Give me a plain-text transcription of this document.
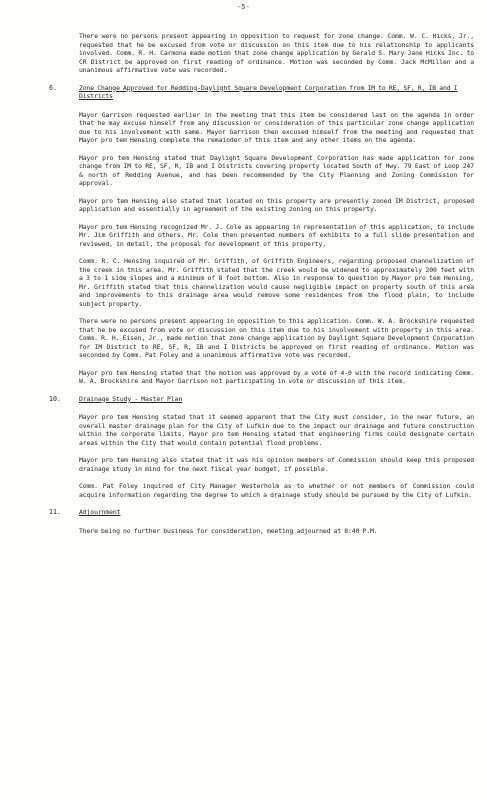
-5-

There were no persons present appearing in opposition to request for zone change. Comm. W. C. Hicks, Jr., requested that he be excused from vote or discussion on this item due to his relationship to applicants involved. Comm. R. H. Carmona made motion that zone change application by Gerald S. Mary Jane Hicks Inc. to CR District be approved on first reading of ordinance. Motion was seconded by Comm. Jack McMillen and a unanimous affirmative vote was recorded.

6.	Zone Change Approved for Redding-Daylight Square Development Corporation from IM to RE, SF, R, IB and I Districts

Mayor Garrison requested earlier in the meeting that this item be considered last on the agenda in order that he may excuse himself from any discussion or consideration of this particular zone change application due to his involvement with same. Mayor Garrison then excused himself from the meeting and requested that Mayor pro tem Hensing complete the remainder of this item and any other items on the agenda.

Mayor pro tem Hensing stated that Daylight Square Development Corporation has made application for zone change from IM to RE, SF, R, IB and I Districts covering property located South of Hwy. 79 East of Loop 247 & north of Redding Avenue, and has been recommended by the City Planning and Zoning Commission for approval.

Mayor pro tem Hensing also stated that located on this property are presently zoned IM District, proposed application and essentially in agreement of the existing zoning on this property.

Mayor pro tem Hensing recognized Mr. J. Cole as appearing in representation of this application, to include Mr. Jim Griffith and others. Mr. Cole then presented numbers of exhibits to a full slide presentation and reviewed, in detail, the proposal for development of this property.

Comm. R. C. Hensing inquired of Mr. Griffith, of Griffith Engineers, regarding proposed channelization of the creek in this area. Mr. Griffith stated that the creek would be widened to approximately 200 feet with a 3 to 1 side slopes and a minimum of 8 foot bottom. Also in response to question by Mayor pro tem Hensing, Mr. Griffith stated that this channelization would cause negligible impact on property south of this area and improvements to this drainage area would remove some residences from the flood plain, to include subject property.

There were no persons present appearing in opposition to this application. Comm. W. A. Brockshire requested that he be excused from vote or discussion on this item due to his involvement with property in this area. Comm. R. H. Eisen, Jr., made motion that zone change application by Daylight Square Development Corporation for IM District to RE, SF, R, IB and I Districts be approved on first reading of ordinance. Motion was seconded by Comm. Pat Foley and a unanimous affirmative vote was recorded.

Mayor pro tem Hensing stated that the motion was approved by a vote of 4-0 with the record indicating Comm. W. A. Brockshire and Mayor Garrison not participating in vote or discussion of this item.

10.	Drainage Study - Master Plan

Mayor pro tem Hensing stated that it seemed apparent that the City must consider, in the near future, an overall master drainage plan for the City of Lufkin due to the impact our drainage and future construction within the corporate limits. Mayor pro tem Hensing stated that engineering firms could designate certain areas within the City that would contain potential flood problems.

Mayor pro tem Hensing also stated that it was his opinion members of Commission should keep this proposed drainage study in mind for the next fiscal year budget, if possible.

Comm. Pat Foley inquired of City Manager Westerholm as to whether or not members of Commission could acquire information regarding the degree to which a drainage study should be pursued by the City of Lufkin.

11.	Adjournment

There being no further business for consideration, meeting adjourned at 8:40 P.M.
